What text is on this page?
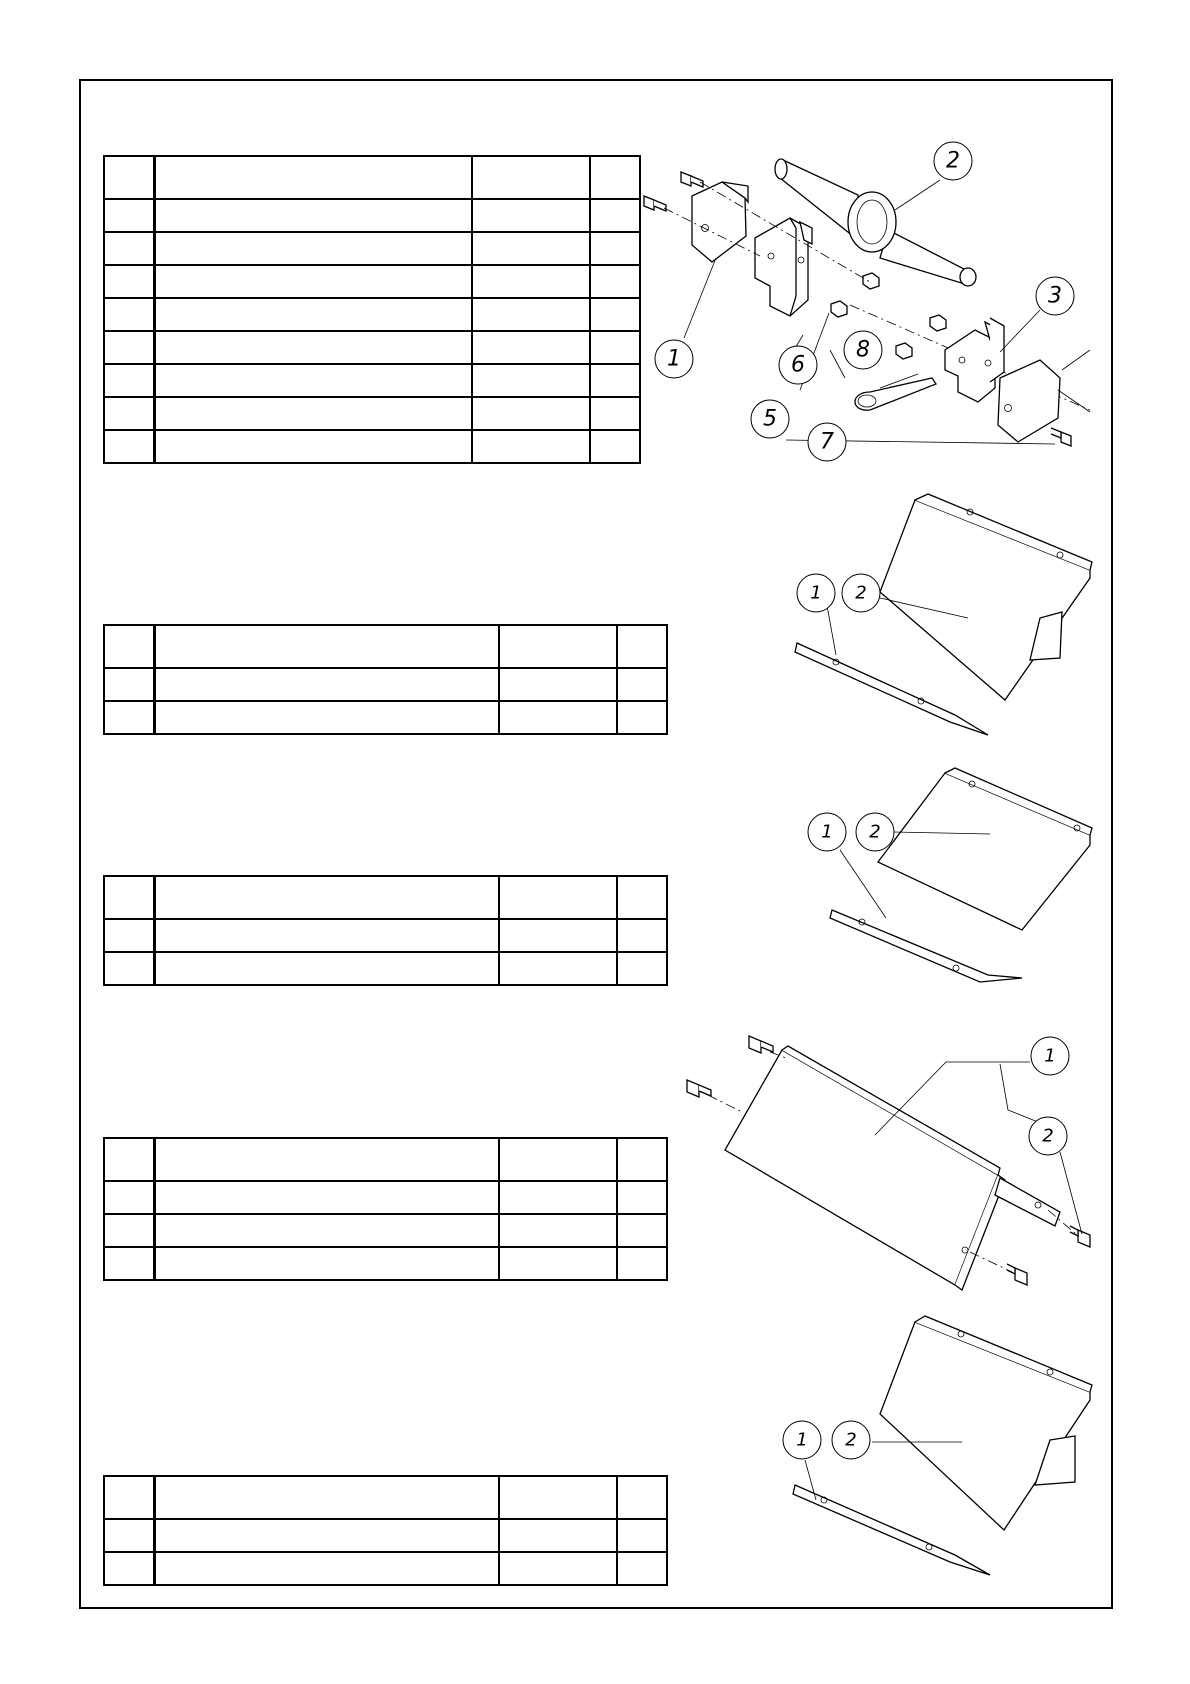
1
2
3
5
6
7
8
1 2
1 2
1
2
1 2
